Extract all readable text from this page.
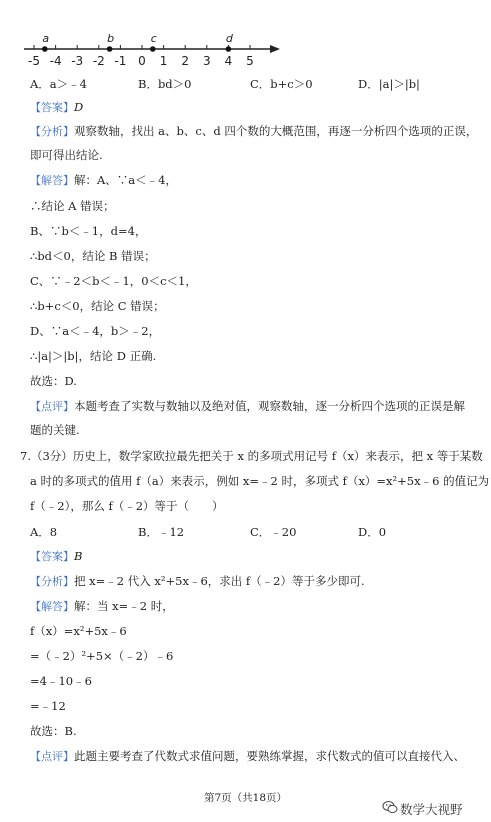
-5 -4 -3 -2 -1 0 1 2 3 4 5
a	b	c	d
A．a＞﹣4	B．bd＞0	C．b+c＞0	D．|a|＞|b|
【答案】D
【分析】观察数轴，找出 a、b、c、d 四个数的大概范围，再逐一分析四个选项的正误，
即可得出结论.
【解答】解：A、∵a＜﹣4，
∴结论 A 错误；
B、∵b＜﹣1，d=4，
∴bd＜0，结论 B 错误；
C、∵﹣2＜b＜﹣1，0＜c＜1，
∴b+c＜0，结论 C 错误；
D、∵a＜﹣4，b＞﹣2，
∴|a|＞|b|，结论 D 正确.
故选：D.
【点评】本题考查了实数与数轴以及绝对值，观察数轴，逐一分析四个选项的正误是解
题的关键.
7.（3分）历史上，数学家欧拉最先把关于 x 的多项式用记号 f（x）来表示，把 x 等于某数
a 时的多项式的值用 f（a）来表示，例如 x=﹣2 时，多项式 f（x）=x²+5x﹣6 的值记为
f（﹣2），那么 f（﹣2）等于（　　）
A．8	B．﹣12	C．﹣20	D．0
【答案】B
【分析】把 x=﹣2 代入 x²+5x﹣6，求出 f（﹣2）等于多少即可.
【解答】解：当 x=﹣2 时，
f（x）=x²+5x﹣6
=（﹣2）²+5×（﹣2）﹣6
=4﹣10﹣6
=﹣12
故选：B.
【点评】此题主要考查了代数式求值问题，要熟练掌握，求代数式的值可以直接代入、
第7页（共18页）
数学大视野
